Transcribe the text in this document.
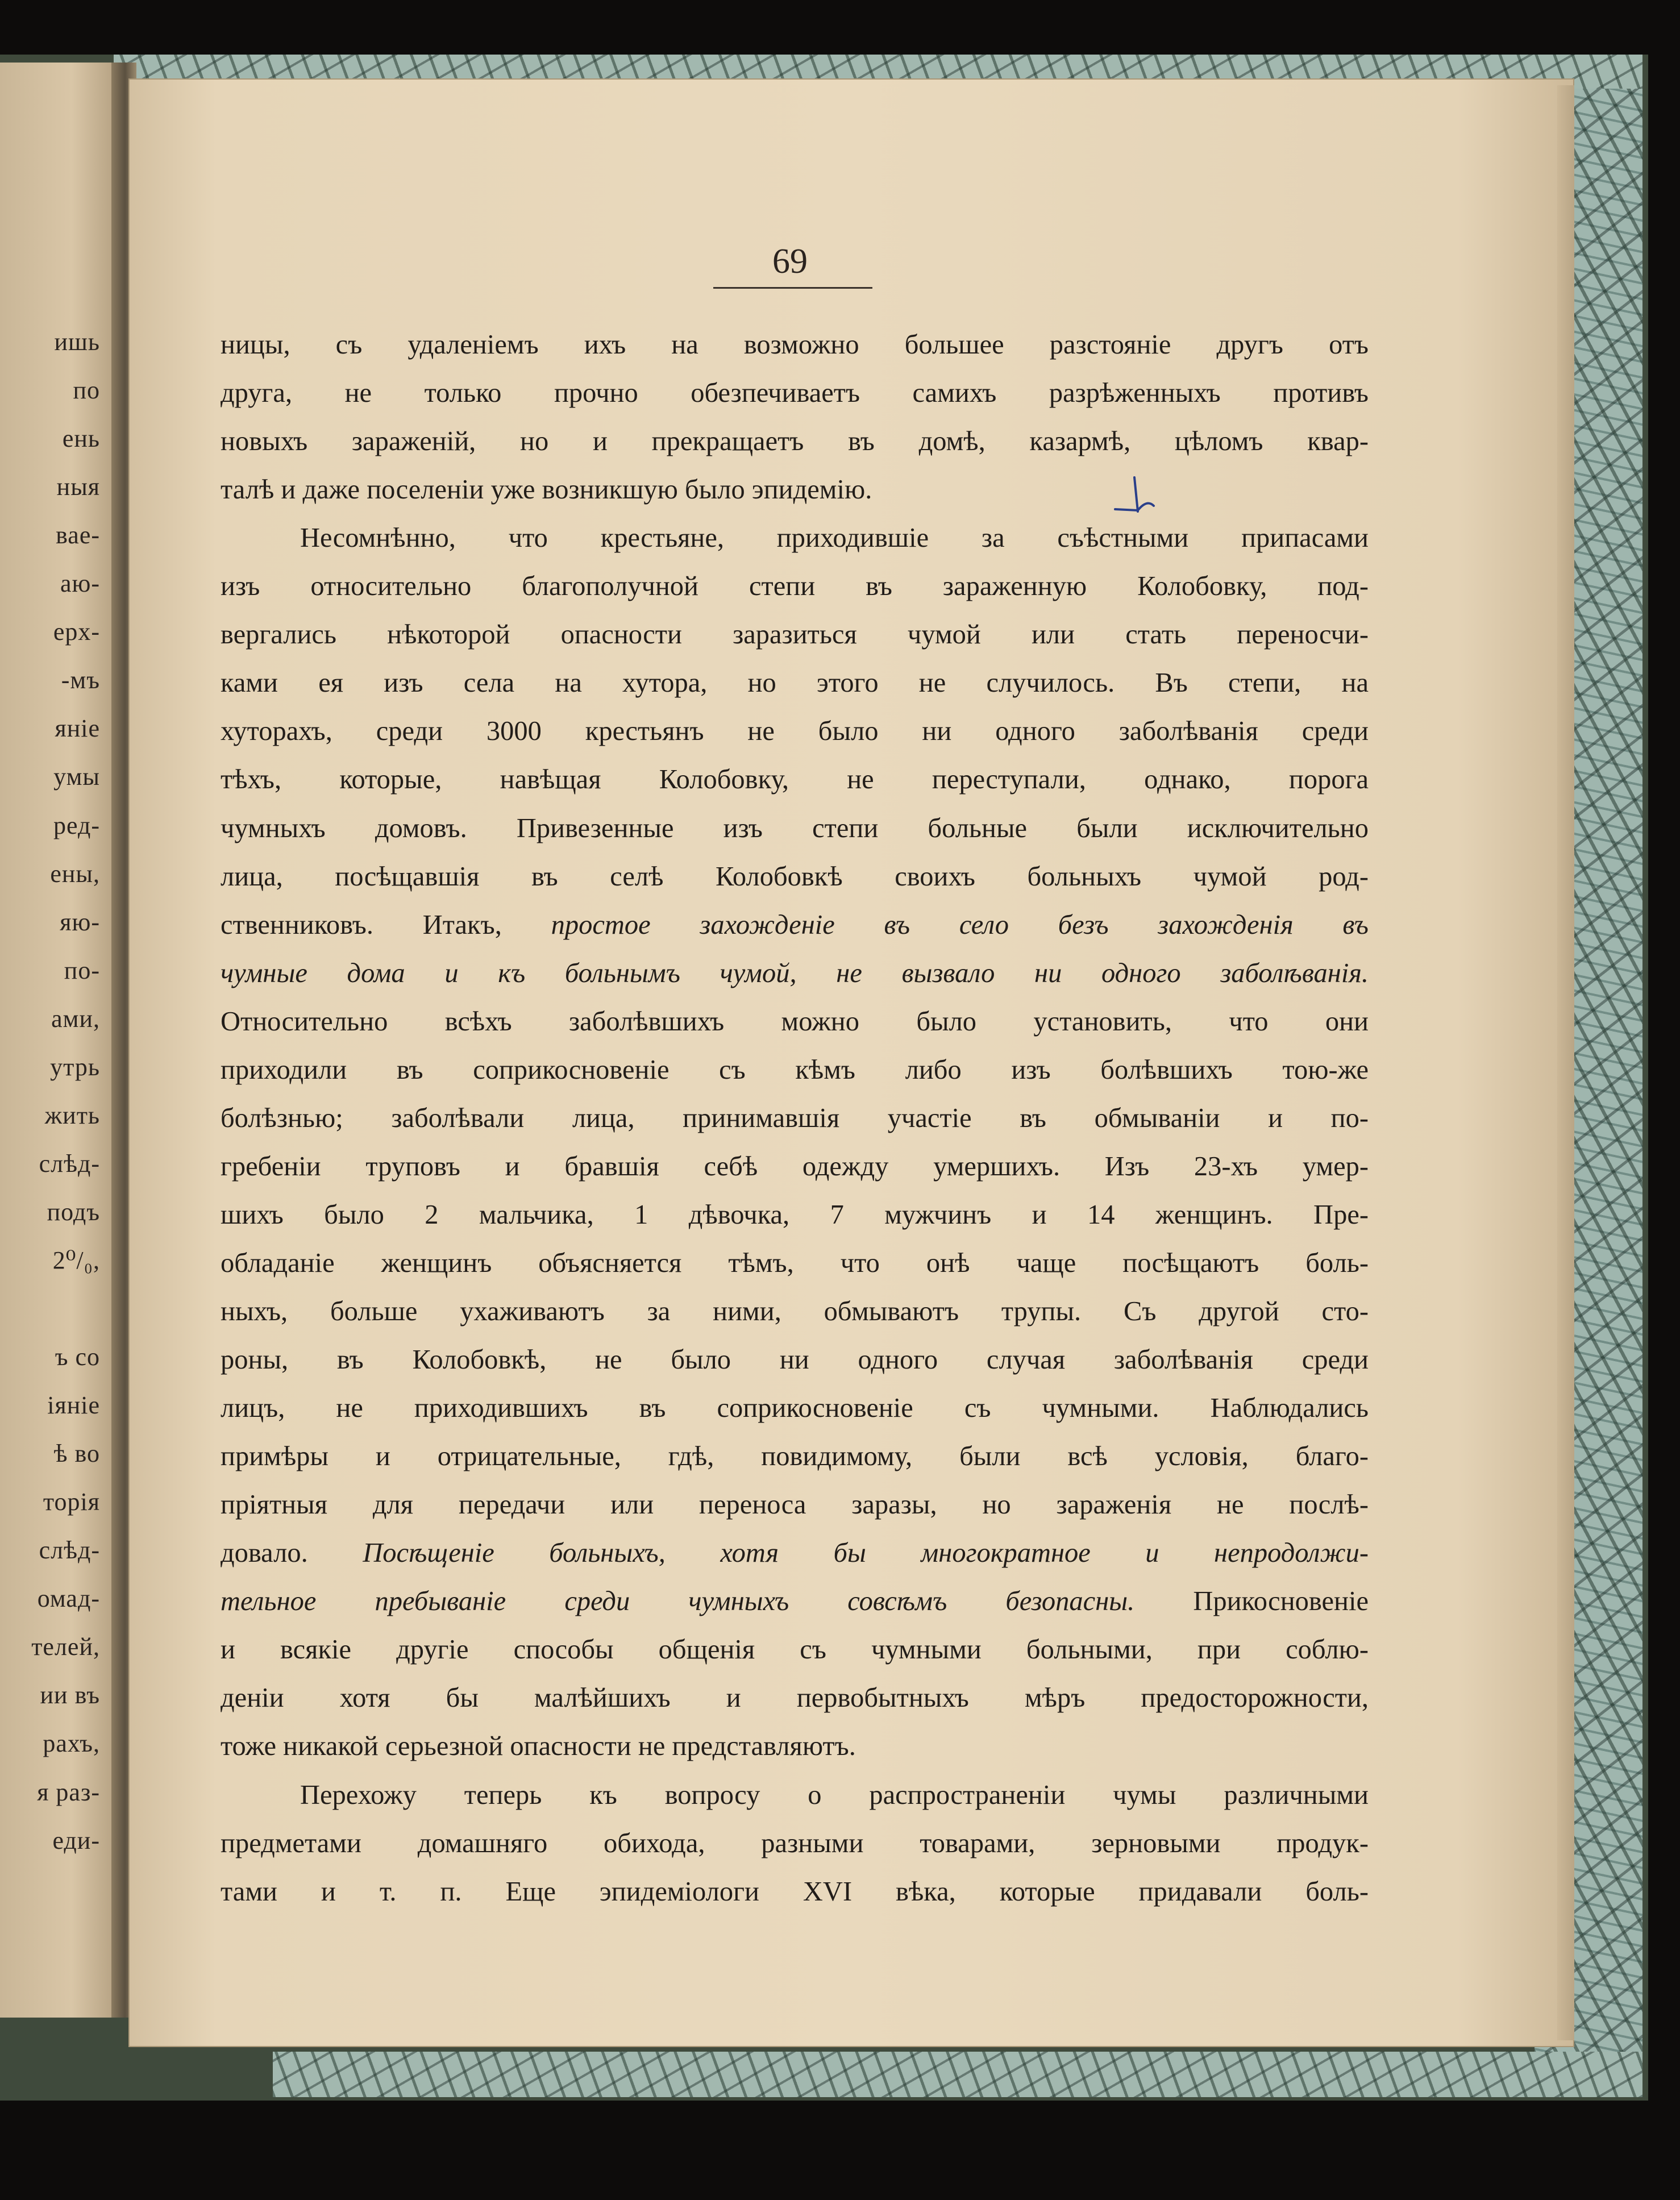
ишь
по
ень
ныя
вае-
аю-
ерх-
-мъ
яніе
умы
ред-
ены,
яю-
по-
ами,
утрь
жить
слѣд-
подъ
2⁰/₀,
ъ со
іяніе
ѣ во
торія
слѣд-
омад-
телей,
ии въ
рахъ,
я раз-
еди-
69
ницы, съ удаленіемъ ихъ на возможно большее разстояніе другъ отъ
друга, не только прочно обезпечиваетъ самихъ разрѣженныхъ противъ
новыхъ зараженій, но и прекращаетъ въ домѣ, казармѣ, цѣломъ квар-
талѣ и даже поселеніи уже возникшую было эпидемію.
Несомнѣнно, что крестьяне, приходившіе за съѣстными припасами
изъ относительно благополучной степи въ зараженную Колобовку, под-
вергались нѣкоторой опасности заразиться чумой или стать переносчи-
ками ея изъ села на хутора, но этого не случилось. Въ степи, на
хуторахъ, среди 3000 крестьянъ не было ни одного заболѣванія среди
тѣхъ, которые, навѣщая Колобовку, не переступали, однако, порога
чумныхъ домовъ. Привезенные изъ степи больные были исключительно
лица, посѣщавшія въ селѣ Колобовкѣ своихъ больныхъ чумой род-
ственниковъ. Итакъ, простое захожденіе въ село безъ захожденія въ
чумные дома и къ больнымъ чумой, не вызвало ни одного заболѣванія.
Относительно всѣхъ заболѣвшихъ можно было установить, что они
приходили въ соприкосновеніе съ кѣмъ либо изъ болѣвшихъ тою-же
болѣзнью; заболѣвали лица, принимавшія участіе въ обмываніи и по-
гребеніи труповъ и бравшія себѣ одежду умершихъ. Изъ 23-хъ умер-
шихъ было 2 мальчика, 1 дѣвочка, 7 мужчинъ и 14 женщинъ. Пре-
обладаніе женщинъ объясняется тѣмъ, что онѣ чаще посѣщаютъ боль-
ныхъ, больше ухаживаютъ за ними, обмываютъ трупы. Съ другой сто-
роны, въ Колобовкѣ, не было ни одного случая заболѣванія среди
лицъ, не приходившихъ въ соприкосновеніе съ чумными. Наблюдались
примѣры и отрицательные, гдѣ, повидимому, были всѣ условія, благо-
пріятныя для передачи или переноса заразы, но зараженія не послѣ-
довало. Посѣщеніе больныхъ, хотя бы многократное и непродолжи-
тельное пребываніе среди чумныхъ совсѣмъ безопасны. Прикосновеніе
и всякіе другіе способы общенія съ чумными больными, при соблю-
деніи хотя бы малѣйшихъ и первобытныхъ мѣръ предосторожности,
тоже никакой серьезной опасности не представляютъ.
Перехожу теперь къ вопросу о распространеніи чумы различными
предметами домашняго обихода, разными товарами, зерновыми продук-
тами и т. п. Еще эпидеміологи XVI вѣка, которые придавали боль-
